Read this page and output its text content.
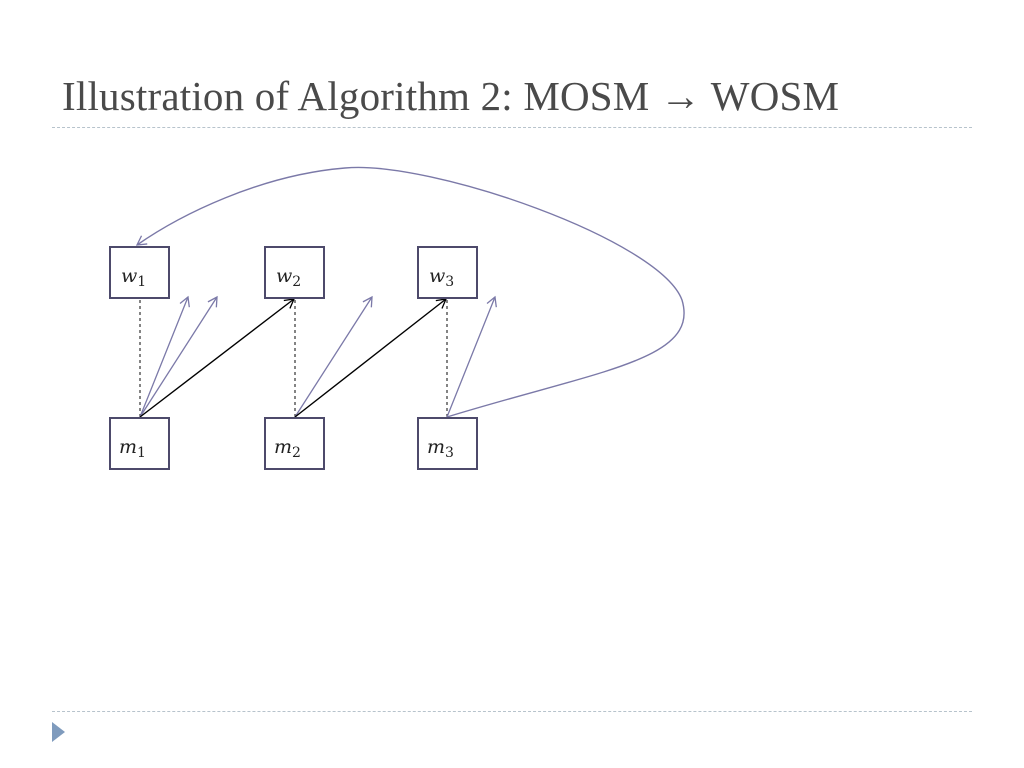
Illustration of Algorithm 2: MOSM → WOSM
w1	w2	w3
m1	m2	m3
